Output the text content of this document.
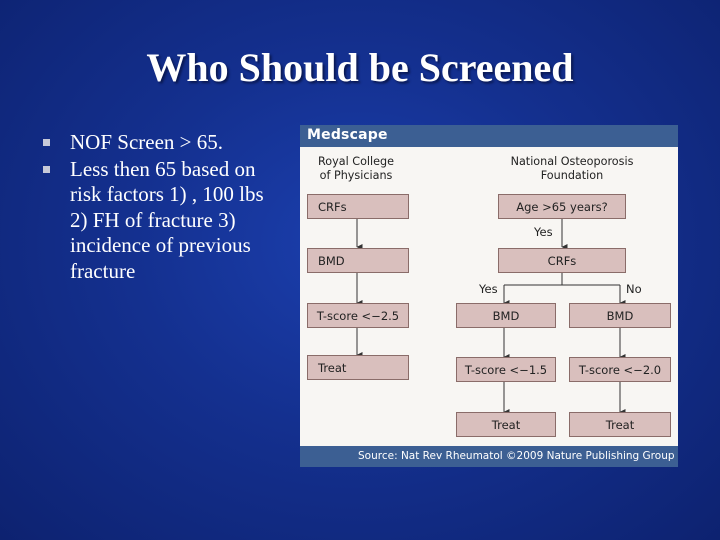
Who Should be Screened
NOF Screen > 65.
Less then 65 based on risk factors 1) , 100 lbs 2) FH of fracture 3) incidence of previous fracture
Medscape
Royal College
of Physicians
National Osteoporosis
Foundation
CRFs
BMD
T-score <−2.5
Treat
Age >65 years?
Yes
CRFs
Yes	No
BMD	BMD
T-score <−1.5	T-score <−2.0
Treat	Treat
Source: Nat Rev Rheumatol ©2009 Nature Publishing Group
